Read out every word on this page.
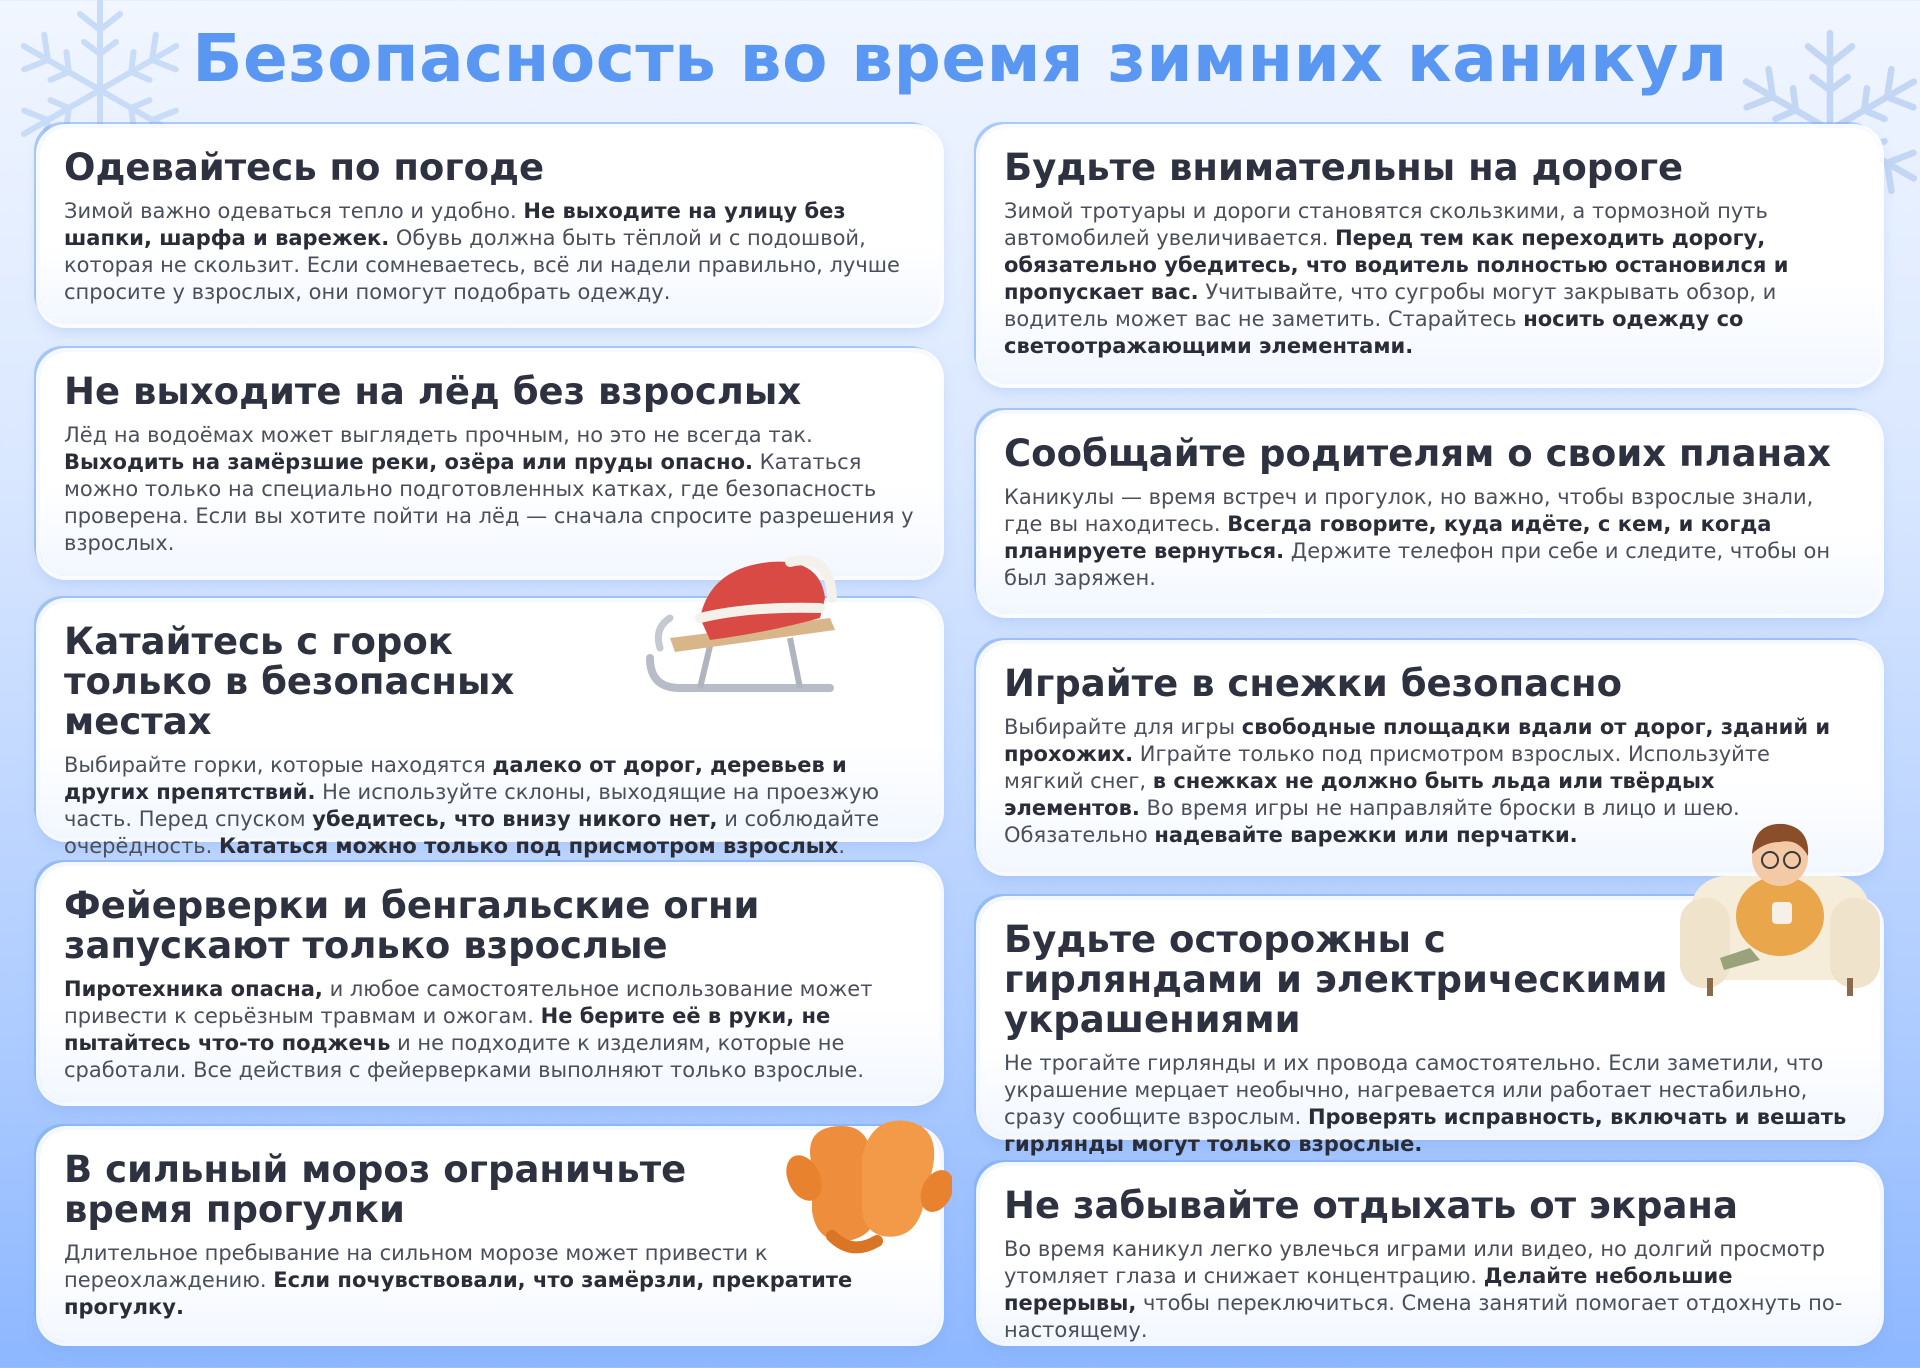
Безопасность во время зимних каникул
Одевайтесь по погоде

Зимой важно одеваться тепло и удобно. Не выходите на улицу без шапки, шарфа и варежек. Обувь должна быть тёплой и с подошвой, которая не скользит. Если сомневаетесь, всё ли надели правильно, лучше спросите у взрослых, они помогут подобрать одежду.

Не выходите на лёд без взрослых

Лёд на водоёмах может выглядеть прочным, но это не всегда так. Выходить на замёрзшие реки, озёра или пруды опасно. Кататься можно только на специально подготовленных катках, где безопасность проверена. Если вы хотите пойти на лёд — сначала спросите разрешения у взрослых.

Катайтесь с горок только в безопасных местах

Выбирайте горки, которые находятся далеко от дорог, деревьев и других препятствий. Не используйте склоны, выходящие на проезжую часть. Перед спуском убедитесь, что внизу никого нет, и соблюдайте очерёдность. Кататься можно только под присмотром взрослых.

Фейерверки и бенгальские огни запускают только взрослые

Пиротехника опасна, и любое самостоятельное использование может привести к серьёзным травмам и ожогам. Не берите её в руки, не пытайтесь что-то поджечь и не подходите к изделиям, которые не сработали. Все действия с фейерверками выполняют только взрослые.

В сильный мороз ограничьте время прогулки

Длительное пребывание на сильном морозе может привести к переохлаждению. Если почувствовали, что замёрзли, прекратите прогулку.

Будьте внимательны на дороге

Зимой тротуары и дороги становятся скользкими, а тормозной путь автомобилей увеличивается. Перед тем как переходить дорогу, обязательно убедитесь, что водитель полностью остановился и пропускает вас. Учитывайте, что сугробы могут закрывать обзор, и водитель может вас не заметить. Старайтесь носить одежду со светоотражающими элементами.

Сообщайте родителям о своих планах

Каникулы — время встреч и прогулок, но важно, чтобы взрослые знали, где вы находитесь. Всегда говорите, куда идёте, с кем, и когда планируете вернуться. Держите телефон при себе и следите, чтобы он был заряжен.

Играйте в снежки безопасно

Выбирайте для игры свободные площадки вдали от дорог, зданий и прохожих. Играйте только под присмотром взрослых. Используйте мягкий снег, в снежках не должно быть льда или твёрдых элементов. Во время игры не направляйте броски в лицо и шею. Обязательно надевайте варежки или перчатки.

Будьте осторожны с гирляндами и электрическими украшениями

Не трогайте гирлянды и их провода самостоятельно. Если заметили, что украшение мерцает необычно, нагревается или работает нестабильно, сразу сообщите взрослым. Проверять исправность, включать и вешать гирлянды могут только взрослые.

Не забывайте отдыхать от экрана

Во время каникул легко увлечься играми или видео, но долгий просмотр утомляет глаза и снижает концентрацию. Делайте небольшие перерывы, чтобы переключиться. Смена занятий помогает отдохнуть по-настоящему.
